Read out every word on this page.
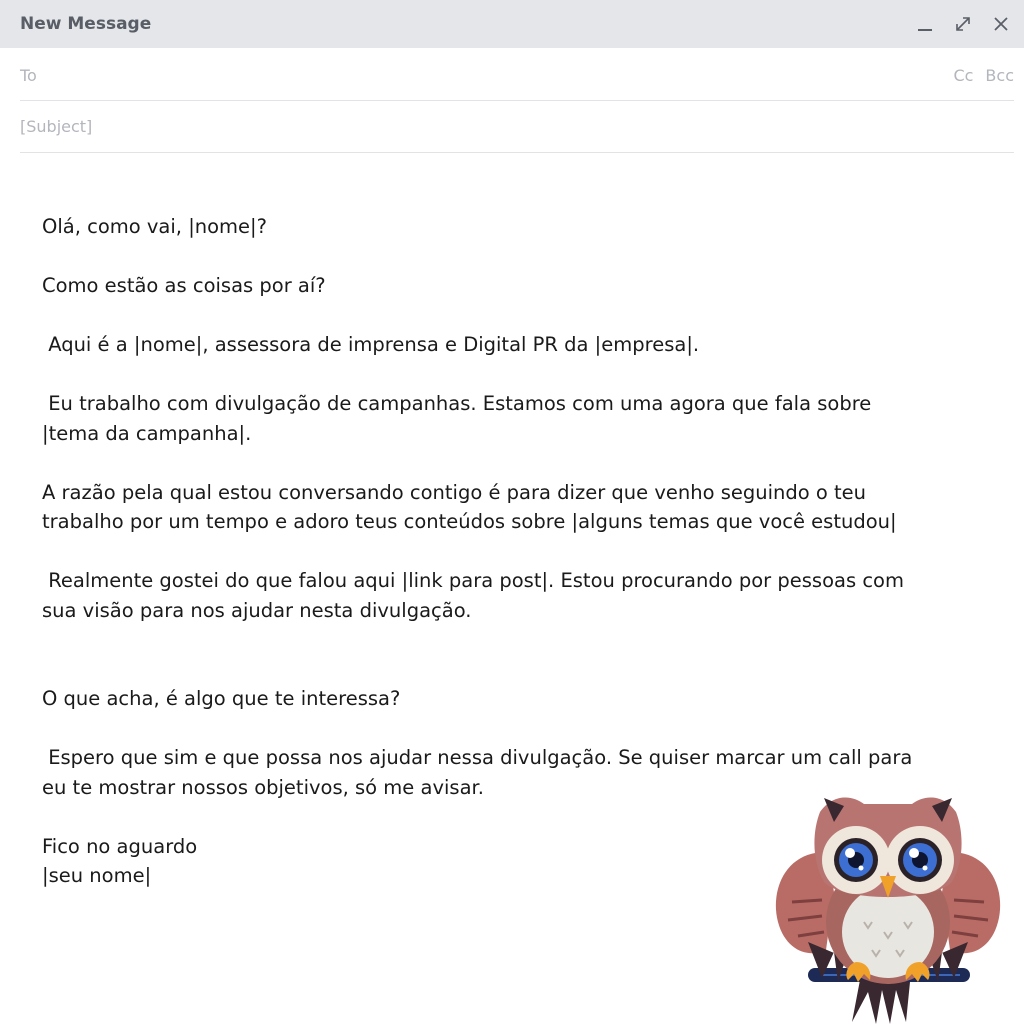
New Message
To	Cc Bcc
[Subject]
Olá, como vai, |nome|?
Como estão as coisas por aí?
Aqui é a |nome|, assessora de imprensa e Digital PR da |empresa|.
Eu trabalho com divulgação de campanhas. Estamos com uma agora que fala sobre
|tema da campanha|.
A razão pela qual estou conversando contigo é para dizer que venho seguindo o teu
trabalho por um tempo e adoro teus conteúdos sobre |alguns temas que você estudou|
Realmente gostei do que falou aqui |link para post|. Estou procurando por pessoas com
sua visão para nos ajudar nesta divulgação.
O que acha, é algo que te interessa?
Espero que sim e que possa nos ajudar nessa divulgação. Se quiser marcar um call para
eu te mostrar nossos objetivos, só me avisar.
Fico no aguardo
|seu nome|
